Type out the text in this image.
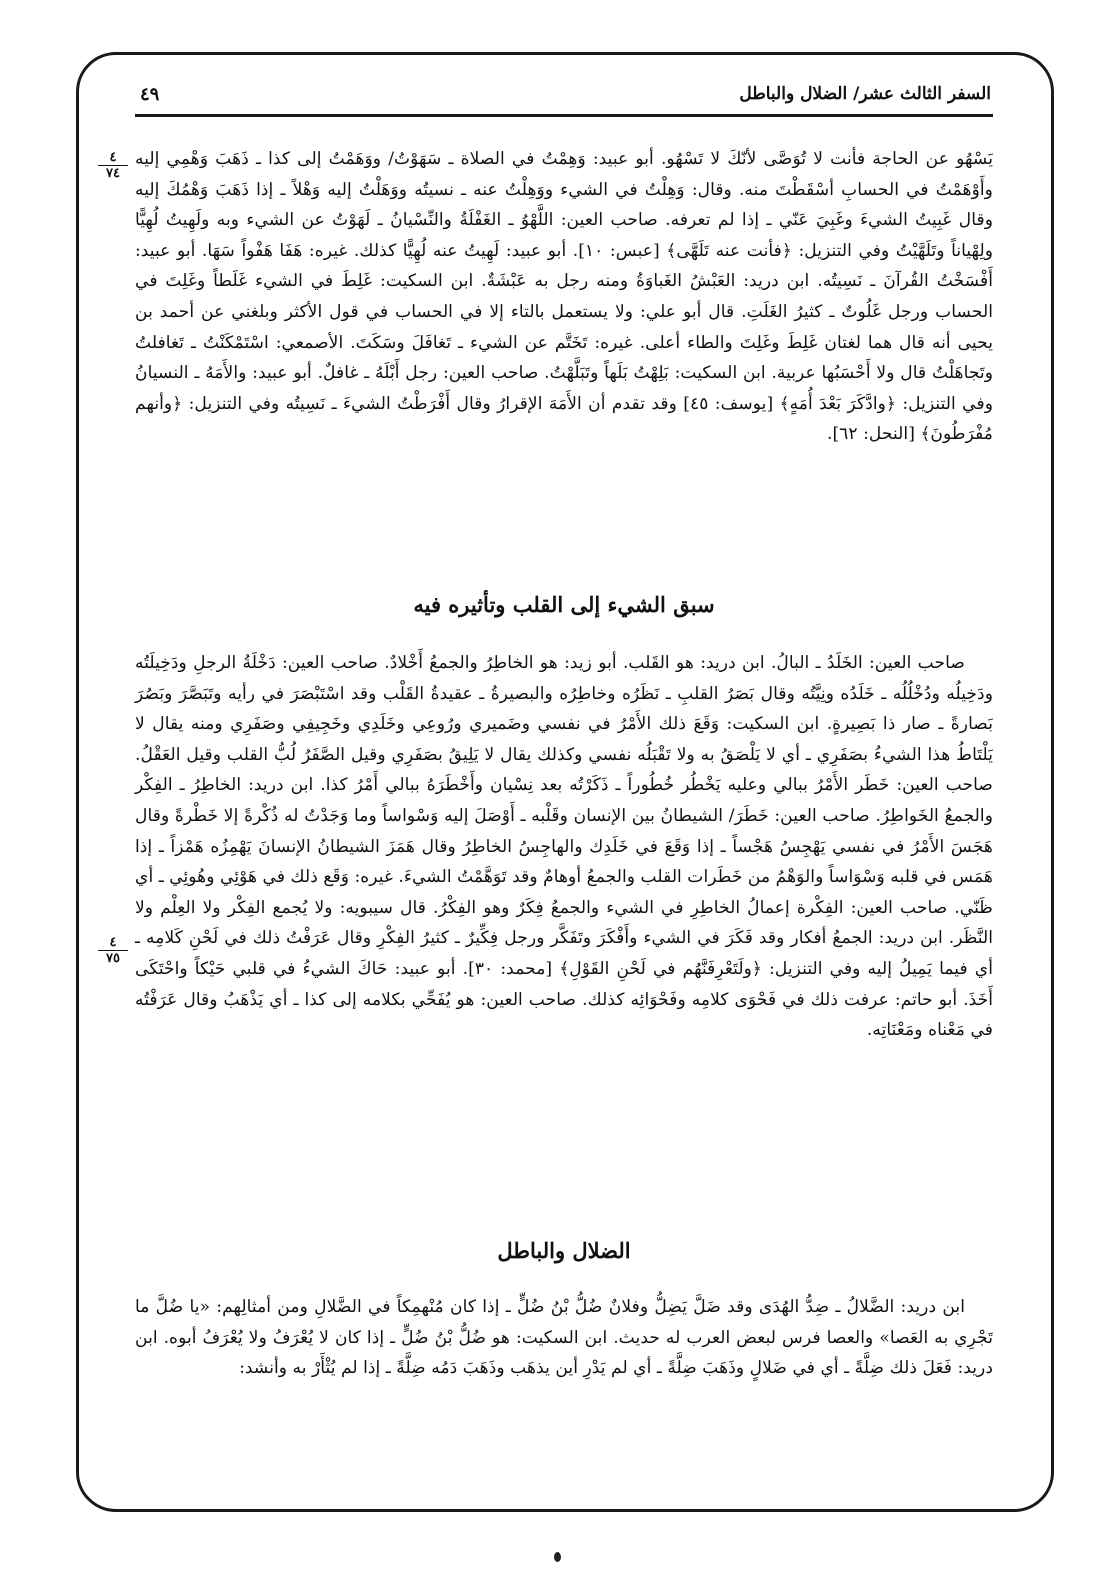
السفر الثالث عشر/ الضلال والباطل
٤٩
٤
٧٤
٤
٧٥

يَسْهُو عن الحاجة فأنت لا تُوَصَّى لأنّكَ لا تَسْهُو. أبو عبيد: وَهِمْتُ في الصلاة ـ سَهَوْتُ/ ووَهَمْتُ إلى كذا ـ ذَهَبَ وَهْمِي إليه وأَوْهَمْتُ في الحسابِ أسْقَطْتَ منه. وقال: وَهِلْتُ في الشيء ووَهِلْتُ عنه ـ نسيتُه ووَهَلْتُ إليه وَهْلاً ـ إذا ذَهَبَ وَهْمُكَ إليه وقال غَبِيتُ الشيءَ وغَبِيَ عَنّي ـ إذا لم تعرفه. صاحب العين: اللَّهْوُ ـ الغَفْلَةُ والنِّسْيانُ ـ لَهَوْتُ عن الشيء وبه ولَهِيتُ لُهِيًّا ولِهْياناً وتَلَهَّيْتُ وفي التنزيل: ﴿فأنت عنه تَلَهَّى﴾ [عبس: ١٠]. أبو عبيد: لَهِيتُ عنه لُهِيًّا كذلك. غيره: هَفَا هَفْواً سَهَا. أبو عبيد: أَفْسَخْتُ القُرآنَ ـ نَسِيتُه. ابن دريد: العَبْشُ الغَباوَةُ ومنه رجل به عَبْشَةٌ. ابن السكيت: غَلِطَ في الشيء غَلَطاً وغَلِتَ في الحساب ورجل غَلُوتٌ ـ كثيرُ الغَلَتِ. قال أبو علي: ولا يستعمل بالتاء إلا في الحساب في قول الأكثر وبلغني عن أحمد بن يحيى أنه قال هما لغتان غَلِطَ وغَلِتَ والطاء أعلى. غيره: تَخَتَّم عن الشيء ـ تَغافَلَ وسَكَتَ. الأصمعي: اسْتَمْكَنْتُ ـ تَغافلتُ وتَجاهَلْتُ قال ولا أَحْسَبُها عربية. ابن السكيت: بَلِهْتُ بَلَهاً وتَبَلَّهْتُ. صاحب العين: رجل أَبْلَهُ ـ غافلٌ. أبو عبيد: والأَمَهُ ـ النسيانُ وفي التنزيل: ﴿وادَّكَرَ بَعْدَ أُمَهٍ﴾ [يوسف: ٤٥] وقد تقدم أن الأَمَهَ الإقرارُ وقال أَفْرَطْتُ الشيءَ ـ نَسِيتُه وفي التنزيل: ﴿وأنهم مُفْرَطُونَ﴾ [النحل: ٦٢].

سبق الشيء إلى القلب وتأثيره فيه

صاحب العين: الخَلَدُ ـ البالُ. ابن دريد: هو القَلب. أبو زيد: هو الخاطِرُ والجمعُ أَخْلادٌ. صاحب العين: دَخْلَةُ الرجلِ ودَخِيلَتُه ودَخِيلُه ودُخْلُلُه ـ خَلَدُه ونِيَّتُه وقال بَصَرُ القلبِ ـ نَظَرُه وخاطِرُه والبصيرةُ ـ عقيدةُ القَلْب وقد اسْتَبْصَرَ في رأيه وتَبَصَّرَ وبَصُرَ بَصارةً ـ صار ذا بَصِيرةٍ. ابن السكيت: وَقَعَ ذلك الأَمْرُ في نفسي وضَميري ورُوعِي وخَلَدِي وخَجِيفِي وصَفَرِي ومنه يقال لا يَلْتَاطُ هذا الشيءُ بصَفَرِي ـ أي لا يَلْصَقُ به ولا تَقْبَلُه نفسي وكذلك يقال لا يَلِيقُ بصَفَرِي وقيل الصَّفَرُ لُبُّ القلب وقيل العَقْلُ. صاحب العين: خَطَر الأَمْرُ ببالي وعليه يَخْطُر خُطُوراً ـ ذَكَرْتُه بعد نِسْيان وأَخْطَرَهُ ببالي أَمْرُ كذا. ابن دريد: الخاطِرُ ـ الفِكْر والجمعُ الخَواطِرُ. صاحب العين: خَطَرَ/ الشيطانُ بين الإنسان وقَلْبه ـ أَوْصَلَ إليه وَسْواساً وما وَجَدْتُ له ذُكْرةً إلا خَطْرةً وقال هَجَسَ الأَمْرُ في نفسي يَهْجِسُ هَجْساً ـ إذا وَقَعَ في خَلَدِك والهاجِسُ الخاطِرُ وقال هَمَزَ الشيطانُ الإنسانَ يَهْمِزُه هَمْزاً ـ إذا هَمَس في قلبه وَسْوَاساً والوَهْمُ من خَطَرات القلب والجمعُ أوهامٌ وقد تَوَهَّمْتُ الشيءَ. غيره: وَقَع ذلك في هَوْئِي وهُوئِي ـ أي ظَنّي. صاحب العين: الفِكْرة إعمالُ الخاطِرِ في الشيء والجمعُ فِكَرٌ وهو الفِكْرُ. قال سيبويه: ولا يُجمع الفِكْر ولا العِلْم ولا النَّظَر. ابن دريد: الجمعُ أفكار وقد فَكَرَ في الشيء وأَفْكَرَ وتَفَكَّر ورجل فِكِّيرٌ ـ كثيرُ الفِكْرِ وقال عَرَفْتُ ذلك في لَحْنِ كَلامِه ـ أي فيما يَمِيلُ إليه وفي التنزيل: ﴿ولَتَعْرِفَنَّهُم في لَحْنِ القَوْلِ﴾ [محمد: ٣٠]. أبو عبيد: حَاكَ الشيءُ في قلبي حَيْكاً واحْتَكَى أَخَذَ. أبو حاتم: عرفت ذلك في فَحْوَى كلامِه وفَحْوَائِه كذلك. صاحب العين: هو يُفَحِّي بكلامه إلى كذا ـ أي يَذْهَبُ وقال عَرَفْتُه في مَعْناه ومَعْنَاتِه.

الضلال والباطل

ابن دريد: الضَّلالُ ـ ضِدُّ الهُدَى وقد ضَلَّ يَضِلُّ وفلانٌ ضُلُّ بْنُ ضُلٍّ ـ إذا كان مُنْهمِكاً في الضَّلالِ ومن أمثالِهم: «يا ضُلَّ ما تَجْرِي به العَصا» والعصا فرس لبعض العرب له حديث. ابن السكيت: هو ضُلُّ بْنُ ضُلٍّ ـ إذا كان لا يُعْرَفُ ولا يُعْرَفُ أبوه. ابن دريد: فَعَلَ ذلك ضِلَّةً ـ أي في ضَلالٍ وذَهَبَ ضِلَّةً ـ أي لم يَدْرِ أين يذهَب وذَهَبَ دَمُه ضِلَّةً ـ إذا لم يُثْأَرْ به وأنشد:
